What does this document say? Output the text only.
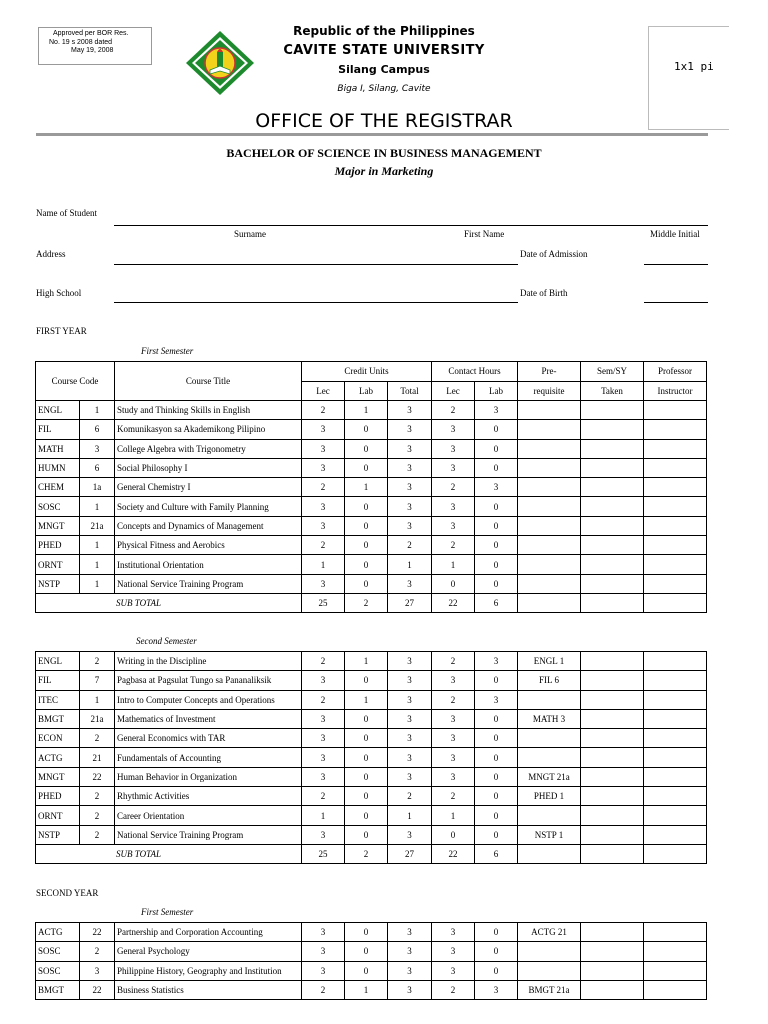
Approved per BOR Res.
No. 19 s 2008 dated
May 19, 2008
Republic of the Philippines
CAVITE STATE UNIVERSITY
Silang Campus
Biga I, Silang, Cavite
OFFICE OF THE REGISTRAR
BACHELOR OF SCIENCE IN BUSINESS MANAGEMENT
Major in Marketing
1x1 pi
Name of Student
Surname	First Name	Middle Initial
Address	Date of Admission
High School	Date of Birth
FIRST YEAR
First Semester
Course Code		Course Title	Credit Units			Contact Hours		Pre-	Sem/SY	Professor
			Lec	Lab	Total	Lec	Lab	requisite	Taken	Instructor
ENGL	1	Study and Thinking Skills in English	2	1	3	2	3			
FIL	6	Komunikasyon sa Akademikong Pilipino	3	0	3	3	0			
MATH	3	College Algebra with Trigonometry	3	0	3	3	0			
HUMN	6	Social Philosophy I	3	0	3	3	0			
CHEM	1a	General Chemistry I	2	1	3	2	3			
SOSC	1	Society and Culture with Family Planning	3	0	3	3	0			
MNGT	21a	Concepts and Dynamics of Management	3	0	3	3	0			
PHED	1	Physical Fitness and Aerobics	2	0	2	2	0			
ORNT	1	Institutional Orientation	1	0	1	1	0			
NSTP	1	National Service Training Program	3	0	3	0	0			
SUB TOTAL			25	2	27	22	6			
Second Semester
ENGL	2	Writing in the Discipline	2	1	3	2	3	ENGL 1		
FIL	7	Pagbasa at Pagsulat Tungo sa Pananaliksik	3	0	3	3	0	FIL 6		
ITEC	1	Intro to Computer Concepts and Operations	2	1	3	2	3			
BMGT	21a	Mathematics of Investment	3	0	3	3	0	MATH 3		
ECON	2	General Economics with TAR	3	0	3	3	0			
ACTG	21	Fundamentals of Accounting	3	0	3	3	0			
MNGT	22	Human Behavior in Organization	3	0	3	3	0	MNGT 21a		
PHED	2	Rhythmic Activities	2	0	2	2	0	PHED 1		
ORNT	2	Career Orientation	1	0	1	1	0			
NSTP	2	National Service Training Program	3	0	3	0	0	NSTP 1		
SUB TOTAL			25	2	27	22	6			
SECOND YEAR
First Semester
ACTG	22	Partnership and Corporation Accounting	3	0	3	3	0	ACTG 21		
SOSC	2	General Psychology	3	0	3	3	0			
SOSC	3	Philippine History, Geography and Institution	3	0	3	3	0			
BMGT	22	Business Statistics	2	1	3	2	3	BMGT 21a		
